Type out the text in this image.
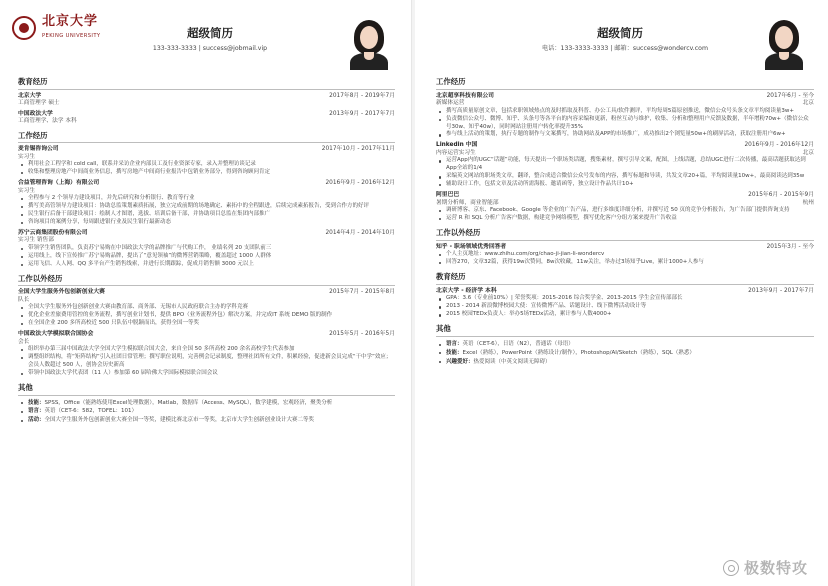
北京大学
PEKING UNIVERSITY	超级简历
133-333-3333 | success@jobmail.vip
教育经历
北京大学	2017年8月 - 2019年7月
工商管理学 硕士
中国政法大学	2013年9月 - 2017年7月
工商管理学、法学 本科
工作经历
麦肯锡咨询公司	2017年10月 - 2017年11月
实习生
利用社会工程学和 cold call，联系并采访企业内部员工及行业资深专家，录入并整理访谈记录
收集和整理房地产中间商业务信息，撰写房地产中间商行业报告中包销业务部分，得到咨询顾问肯定
合益管理咨询（上海）有限公司	2016年9月 - 2016年12月
实习生
全程参与 2 个领导力建设项目，并先后研究和分析银行、教育等行业
撰写美高管领导力建设项目：协助总监策划素质拓展，独立完成前期的场地确定、素拓中的全程跟进，后续完成素拓报告，受到合作方的好评
民生银行后备干部建设项目：绘制人才图谱，选拔、培训后备干部，并协助项目总监在集团内部推广
咨询项目的案例分享，每周跟进银行业及民生银行最新动态
苏宁云商集团股份有限公司	2014年4月 - 2014年10月
实习生 销售部
带领学生销售团队，负责苏宁易购在中国政法大学的品牌推广与代购工作， 业绩名列 20 支团队前三
运用线上，线下宣传推广苏宁易购品牌，提出了“意见领袖”的微博营销策略，覆盖超过 1000 人群体
运用飞信、人人网、QQ 多平台产生销售线索，并进行长期跟踪，促成月销售额 3000 元以上
工作以外经历
全国大学生服务外包创新创业大赛	2015年7月 - 2015年8月
队长
全国大学生服务外包创新创业大赛由教育部、商务部、无锡市人民政府联合主办的学科竞赛
优化企业差旅费用管控的业务流程，撰写创业计划书，提供 BPO（业务流程外包）解决方案，并完成IT 系统 DEMO 版的制作
在全国企业 200 多所高校近 500 只队伍中脱颖而出，获得全国一等奖
中国政法大学模拟联合国协会	2015年5月 - 2016年5月
会长
组织举办第三届中国政法大学全国大学生模拟联合国大会，来自全国 50 多所高校 200 余名高校学生代表参加
调整组织结构，将“矩阵结构”引入社团日常管理；撰写职位说明，完善例会记录制度，整理社团所有文件，积累经验，促进新会员完成“干中学”效应；会员人数超过 500 人，创协会历史新高
带领中国政法大学代表团（11 人）参加第 60 届哈佛大学国际模拟联合国会议
其他
技能：SPSS，Office（能熟练使用Excel处理数据），Matlab，数据库（Access、MySQL），数学建模，宏观经济，聚类分析
语言：英语（CET-6：582，TOFEL：101）
活动：全国大学生服务外包创新创业大赛全国一等奖，建模比赛北京市一等奖，北京市大学生创新创业设计大赛二等奖
超级简历
电话：133-3333-3333 | 邮箱：success@wondercv.com
工作经历
北京超享科技有限公司	2017年6月 - 至今
新媒体运营	北京
撰写高质量原创文章，包括求职领域热点的及时抓取及科普、办公工具/软件测评，平均每周5篇原创推送，微信公众号头条文章平均阅读量3w+
负责微信公众号、微博、知乎、头条号等各平台的内容采编和更新，粉丝互动与维护，收集、分析和整理用户反馈及数据，半年增粉70w+（微信公众号30w、知乎40w），同时网站注册用户转化率提升35%
参与线上活动的策划，执行专题的制作与文案撰写，协助网站及APP的市场推广，成功推出2个浏览量50w+的刷屏活动，获取注册用户6w+
Linkedin 中国	2016年9月 - 2016年12月
内容运营实习生	北京
运营App内的UGC“话题”功能，每天提出一个职场类话题，搜集素材，撰写引导文案，配图，上线话题，总结UGC进行二次传播，最高话题获取达到App全站的1/4
采编英文网站的职场类文章，翻译，整合成适合微信公众号发布的内容，撰写标题和导读，共发文章20+篇，平均阅读量10w+，最高阅读达到35w
辅助设计工作，包括文章及活动所需海报、邀请函等，独立设计作品共计10+
阿里巴巴	2015年6月 - 2015年9月
暑期分析师，商业智能部	杭州
调研博客、京东、Facebook、Google 等企业的广告产品，进行多维度详细分析，并撰写近 50 页的竞争分析报告，为广告部门提供咨询支持
运营 R 和 SQL 分析广告客户数据，构建竞争网络模型，撰写优化客户分组方案来提升广告收益
工作以外经历
知乎 - 职场领域优秀回答者	2015年3月 - 至今
个人主页地址：www.zhihu.com/org/chao-ji-jian-li-wondercv
回答270，文章32篇，获得19w次赞同，8w次收藏，11w关注，举办过3场知乎Live，累计1000+人参与
教育经历
北京大学 - 经济学 本科	2013年9月 - 2017年7月
GPA：3.6（专业前10%）| 荣誉奖项：2015-2016 综合奖学金、2013-2015 学生会宣传部部长
2013 - 2014 新浪微博校园大使：宣传微博产品、话题设计、线下微博活动设计等
2015 校园TEDx负责人：举办5场TEDx活动，累计参与人数4000+
其他
语言：英语（CET-6），日语（N2），普通话（母语）
技能：Excel（熟练），PowerPoint（熟练设计/制作），Photoshop/AI/Sketch（熟练），SQL（熟悉）
兴趣爱好：热爱阅读（中英文阅读无障碍）
极数特攻
